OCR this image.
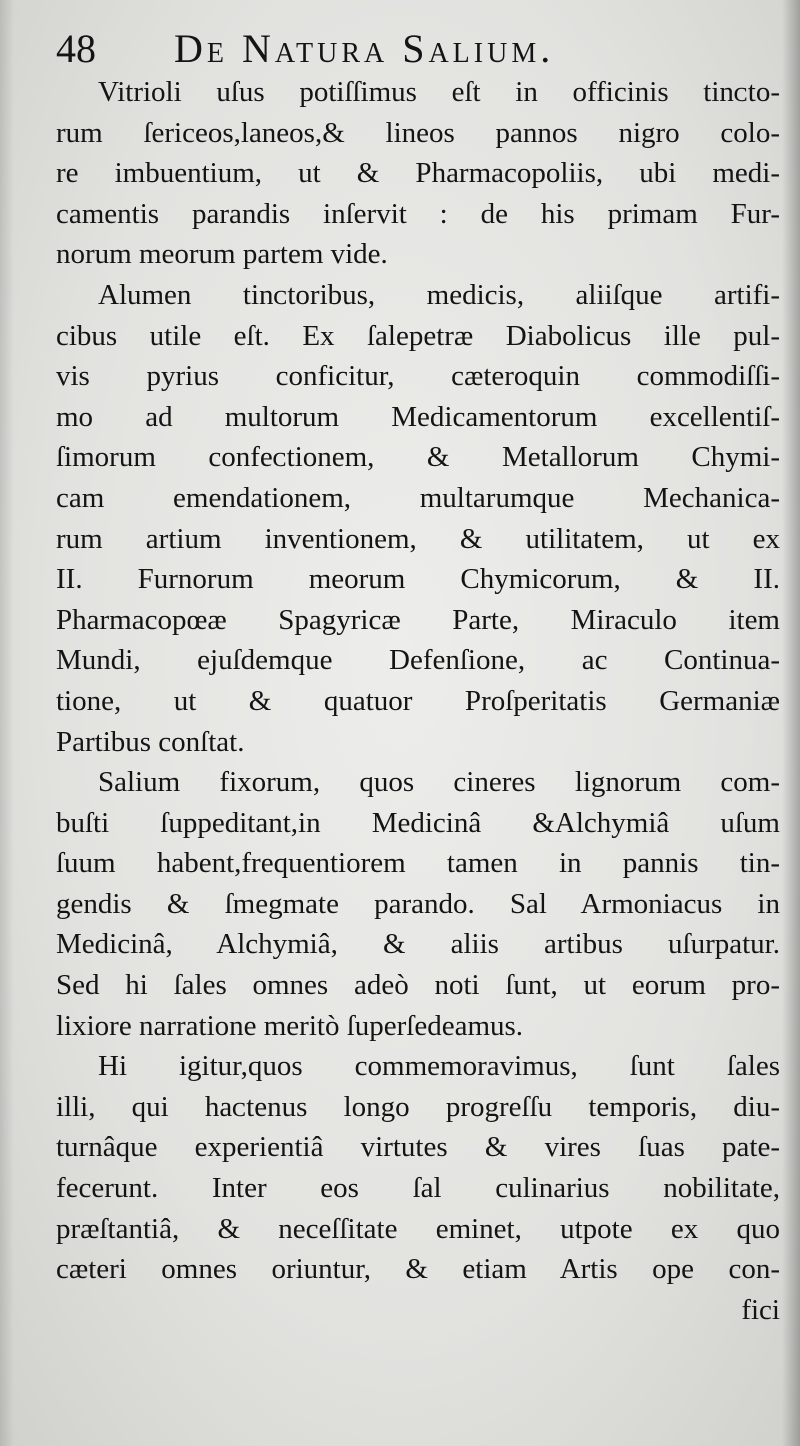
48 De Natura Salium.
Vitrioli uſus potiſſimus eſt in officinis tinᴄto-
rum ſericeos,laneos,& lineos pannos nigro colo-
re imbuentium, ut & Pharmacopoliis, ubi medi-
camentis parandis inſervit : de his primam Fur-
norum meorum partem vide.
Alumen tinᴄtoribus, medicis, aliiſque artifi-
cibus utile eſt. Ex ſalepetræ Diabolicus ille pul-
vis pyrius conficitur, cæteroquin commodiſſi-
mo ad multorum Medicamentorum excellentiſ-
ſimorum confeᴄtionem, & Metallorum Chymi-
cam emendationem, multarumque Mechanica-
rum artium inventionem, & utilitatem, ut ex
II. Furnorum meorum Chymicorum, & II.
Pharmacopœæ Spagyricæ Parte, Miraculo item
Mundi, ejuſdemque Defenſione, ac Continua-
tione, ut & quatuor Proſperitatis Germaniæ
Partibus conſtat.
Salium fixorum, quos cineres lignorum com-
buſti ſuppeditant,in Medicinâ &Alchymiâ uſum
ſuum habent,frequentiorem tamen in pannis tin-
gendis & ſmegmate parando. Sal Armoniacus in
Medicinâ, Alchymiâ, & aliis artibus uſurpatur.
Sed hi ſales omnes adeò noti ſunt, ut eorum pro-
lixiore narratione meritò ſuperſedeamus.
Hi igitur,quos commemoravimus, ſunt ſales
illi, qui haᴄtenus longo progreſſu temporis, diu-
turnâque experientiâ virtutes & vires ſuas pate-
fecerunt. Inter eos ſal culinarius nobilitate,
præſtantiâ, & neceſſitate eminet, utpote ex quo
cæteri omnes oriuntur, & etiam Artis ope con-
fici
